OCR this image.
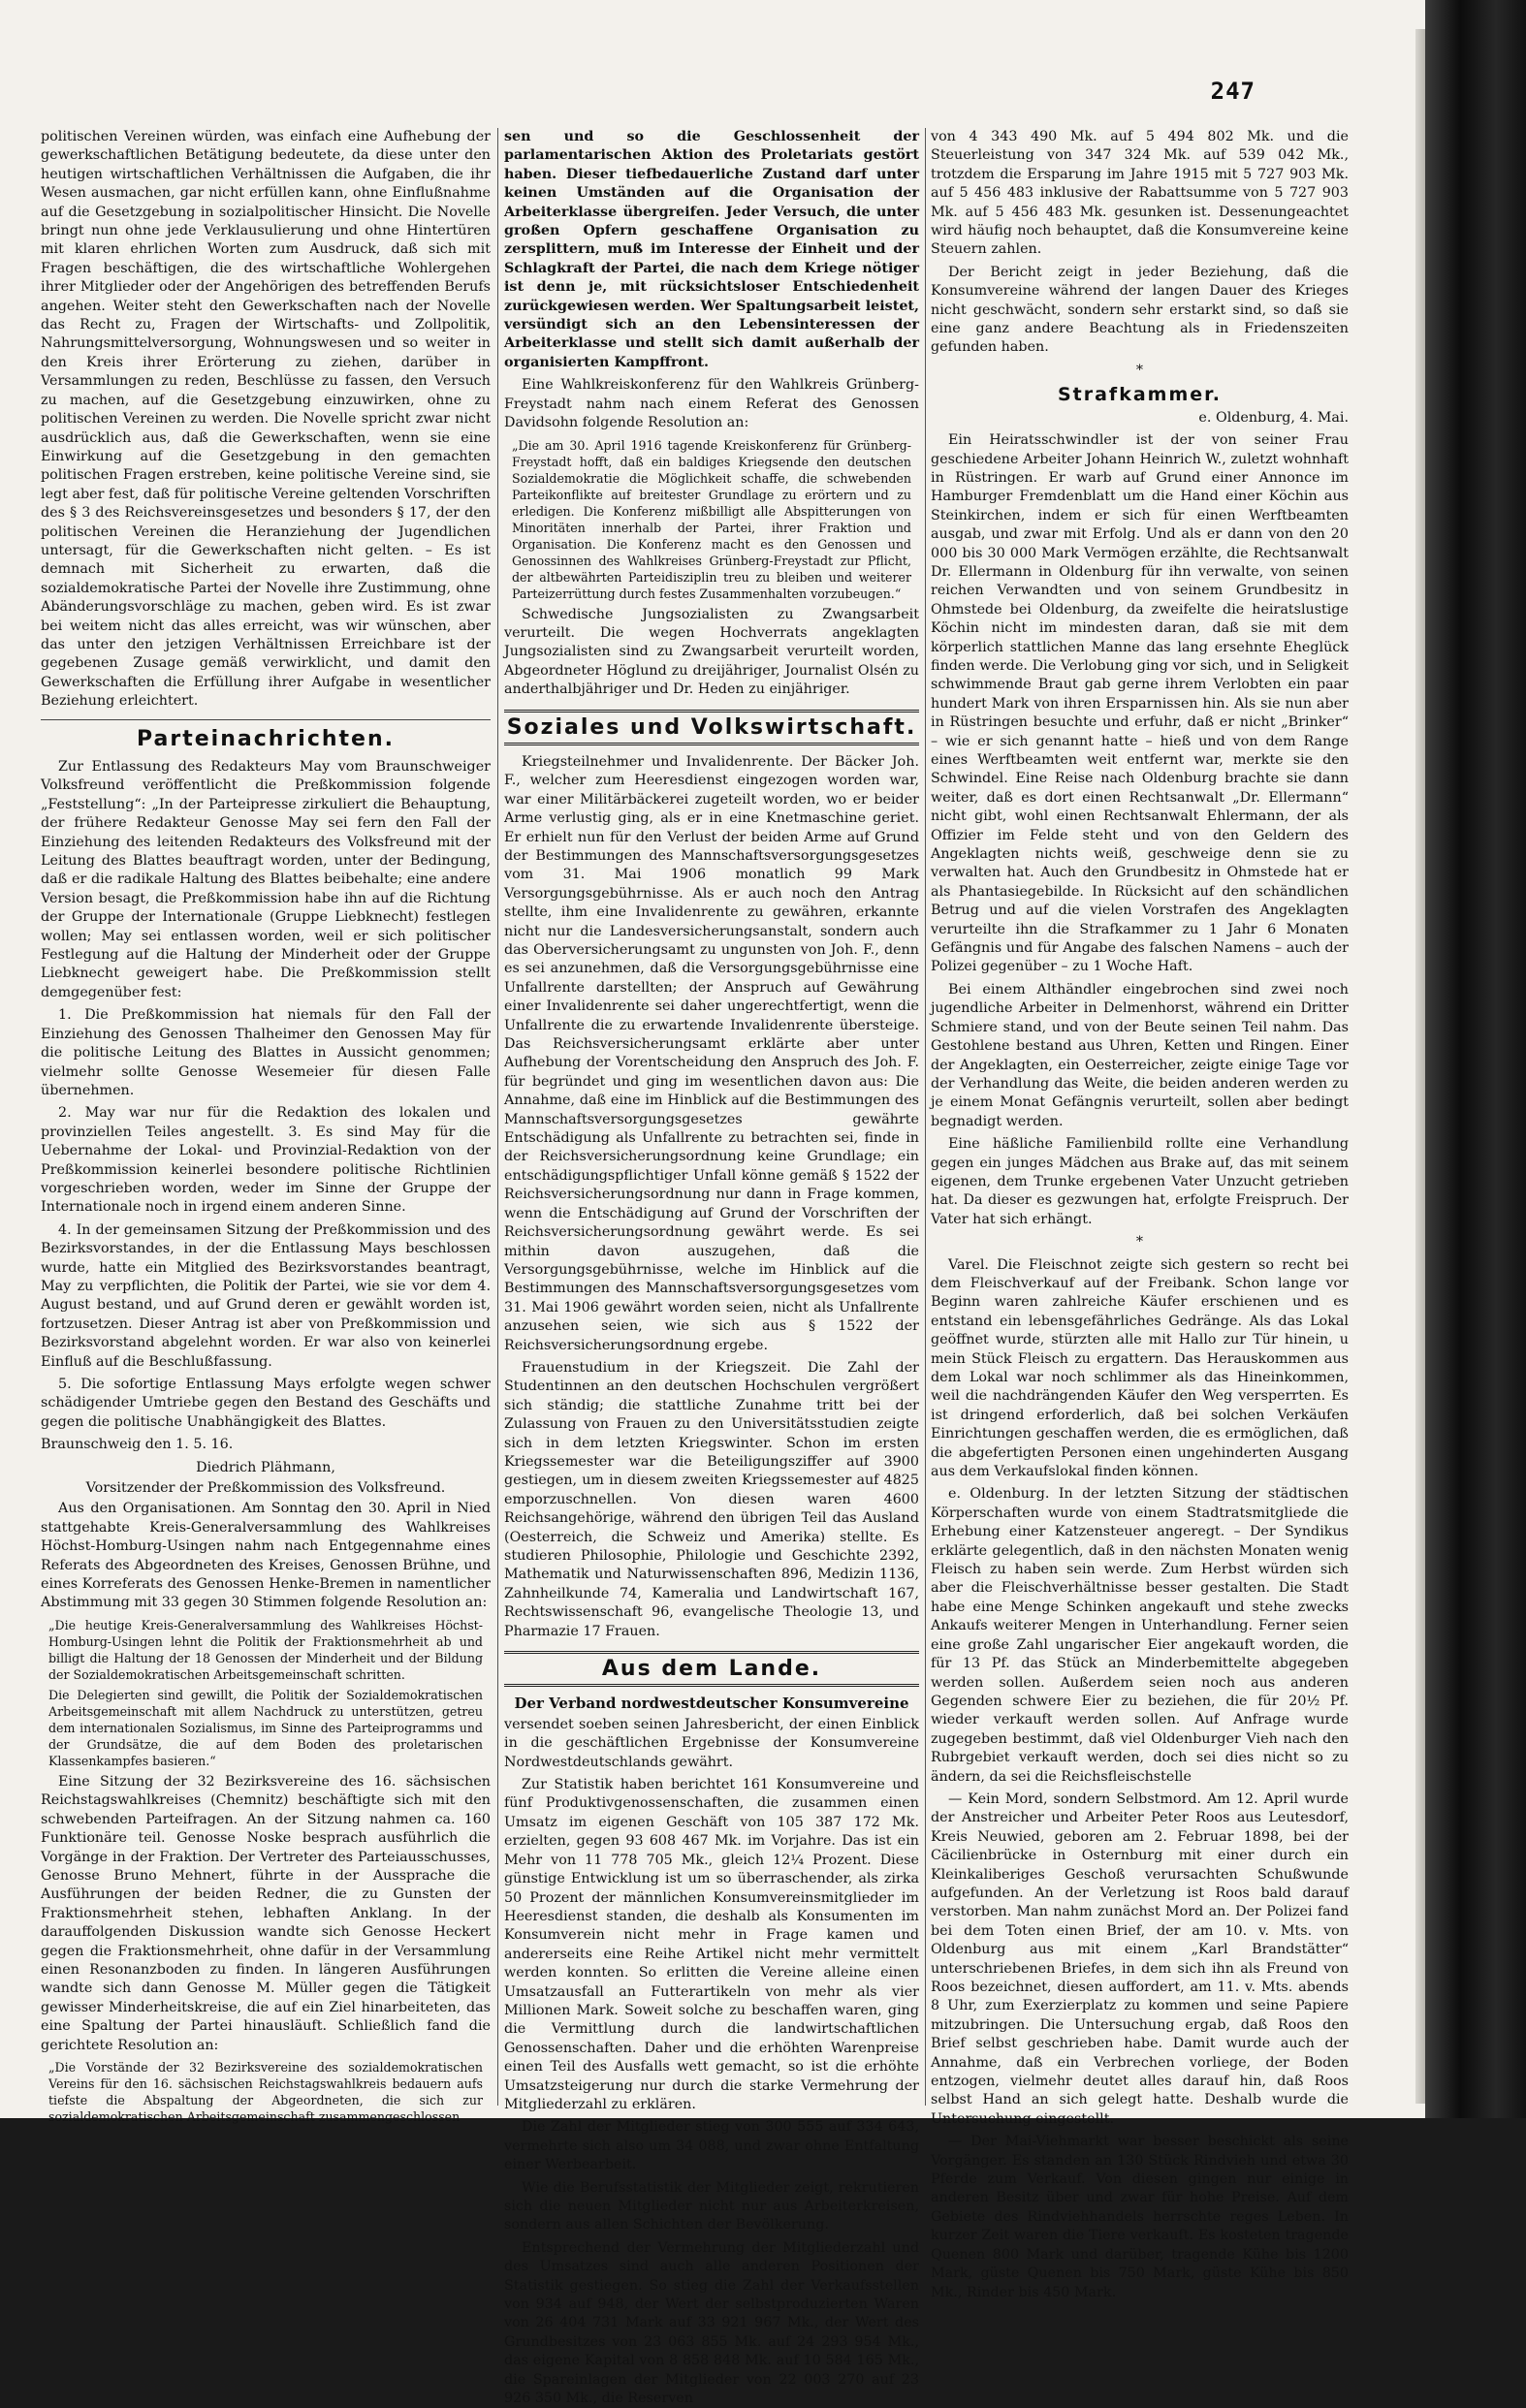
247

politischen Vereinen würden, was einfach eine Aufhebung der gewerkschaftlichen Betätigung bedeutete, da diese unter den heutigen wirtschaftlichen Verhältnissen die Aufgaben, die ihr Wesen ausmachen, gar nicht erfüllen kann, ohne Einflußnahme auf die Gesetzgebung in sozialpolitischer Hinsicht. Die Novelle bringt nun ohne jede Verklausulierung und ohne Hintertüren mit klaren ehrlichen Worten zum Ausdruck, daß sich mit Fragen beschäftigen, die des wirtschaftliche Wohlergehen ihrer Mitglieder oder der Angehörigen des betreffenden Berufs angehen. Weiter steht den Gewerkschaften nach der Novelle das Recht zu, Fragen der Wirtschafts- und Zollpolitik, Nahrungsmittelversorgung, Wohnungswesen und so weiter in den Kreis ihrer Erörterung zu ziehen, darüber in Versammlungen zu reden, Beschlüsse zu fassen, den Versuch zu machen, auf die Gesetzgebung einzuwirken, ohne zu politischen Vereinen zu werden. Die Novelle spricht zwar nicht ausdrücklich aus, daß die Gewerkschaften, wenn sie eine Einwirkung auf die Gesetzgebung in den gemachten politischen Fragen erstreben, keine politische Vereine sind, sie legt aber fest, daß für politische Vereine geltenden Vorschriften des § 3 des Reichsvereinsgesetzes und besonders § 17, der den politischen Vereinen die Heranziehung der Jugendlichen untersagt, für die Gewerkschaften nicht gelten. – Es ist demnach mit Sicherheit zu erwarten, daß die sozialdemokratische Partei der Novelle ihre Zustimmung, ohne Abänderungsvorschläge zu machen, geben wird. Es ist zwar bei weitem nicht das alles erreicht, was wir wünschen, aber das unter den jetzigen Verhältnissen Erreichbare ist der gegebenen Zusage gemäß verwirklicht, und damit den Gewerkschaften die Erfüllung ihrer Aufgabe in wesentlicher Beziehung erleichtert.

Parteinachrichten.

Zur Entlassung des Redakteurs May vom Braunschweiger Volksfreund veröffentlicht die Preßkommission folgende „Feststellung“: „In der Parteipresse zirkuliert die Behauptung, der frühere Redakteur Genosse May sei fern den Fall der Einziehung des leitenden Redakteurs des Volksfreund mit der Leitung des Blattes beauftragt worden, unter der Bedingung, daß er die radikale Haltung des Blattes beibehalte; eine andere Version besagt, die Preßkommission habe ihn auf die Richtung der Gruppe der Internationale (Gruppe Liebknecht) festlegen wollen; May sei entlassen worden, weil er sich politischer Festlegung auf die Haltung der Minderheit oder der Gruppe Liebknecht geweigert habe. Die Preßkommission stellt demgegenüber fest:

1. Die Preßkommission hat niemals für den Fall der Einziehung des Genossen Thalheimer den Genossen May für die politische Leitung des Blattes in Aussicht genommen; vielmehr sollte Genosse Wesemeier für diesen Falle übernehmen.

2. May war nur für die Redaktion des lokalen und provinziellen Teiles angestellt. 3. Es sind May für die Uebernahme der Lokal- und Provinzial-Redaktion von der Preßkommission keinerlei besondere politische Richtlinien vorgeschrieben worden, weder im Sinne der Gruppe der Internationale noch in irgend einem anderen Sinne.

4. In der gemeinsamen Sitzung der Preßkommission und des Bezirksvorstandes, in der die Entlassung Mays beschlossen wurde, hatte ein Mitglied des Bezirksvorstandes beantragt, May zu verpflichten, die Politik der Partei, wie sie vor dem 4. August bestand, und auf Grund deren er gewählt worden ist, fortzusetzen. Dieser Antrag ist aber von Preßkommission und Bezirksvorstand abgelehnt worden. Er war also von keinerlei Einfluß auf die Beschlußfassung.

5. Die sofortige Entlassung Mays erfolgte wegen schwer schädigender Umtriebe gegen den Bestand des Geschäfts und gegen die politische Unabhängigkeit des Blattes.

Braunschweig den 1. 5. 16.

Diedrich Plähmann,

Vorsitzender der Preßkommission des Volksfreund.

Aus den Organisationen. Am Sonntag den 30. April in Nied stattgehabte Kreis-Generalversammlung des Wahlkreises Höchst-Homburg-Usingen nahm nach Entgegennahme eines Referats des Abgeordneten des Kreises, Genossen Brühne, und eines Korreferats des Genossen Henke-Bremen in namentlicher Abstimmung mit 33 gegen 30 Stimmen folgende Resolution an:

„Die heutige Kreis-Generalversammlung des Wahlkreises Höchst-Homburg-Usingen lehnt die Politik der Fraktionsmehrheit ab und billigt die Haltung der 18 Genossen der Minderheit und der Bildung der Sozialdemokratischen Arbeitsgemeinschaft schritten.
Die Delegierten sind gewillt, die Politik der Sozialdemokratischen Arbeitsgemeinschaft mit allem Nachdruck zu unterstützen, getreu dem internationalen Sozialismus, im Sinne des Parteiprogramms und der Grundsätze, die auf dem Boden des proletarischen Klassenkampfes basieren.“

Eine Sitzung der 32 Bezirksvereine des 16. sächsischen Reichstagswahlkreises (Chemnitz) beschäftigte sich mit den schwebenden Parteifragen. An der Sitzung nahmen ca. 160 Funktionäre teil. Genosse Noske besprach ausführlich die Vorgänge in der Fraktion. Der Vertreter des Parteiausschusses, Genosse Bruno Mehnert, führte in der Aussprache die Ausführungen der beiden Redner, die zu Gunsten der Fraktionsmehrheit stehen, lebhaften Anklang. In der darauffolgenden Diskussion wandte sich Genosse Heckert gegen die Fraktionsmehrheit, ohne dafür in der Versammlung einen Resonanzboden zu finden. In längeren Ausführungen wandte sich dann Genosse M. Müller gegen die Tätigkeit gewisser Minderheitskreise, die auf ein Ziel hinarbeiteten, das eine Spaltung der Partei hinausläuft. Schließlich fand die gerichtete Resolution an:

„Die Vorstände der 32 Bezirksvereine des sozialdemokratischen Vereins für den 16. sächsischen Reichstagswahlkreis bedauern aufs tiefste die Abspaltung der Abgeordneten, die sich zur sozialdemokratischen Arbeitsgemeinschaft zusammengeschlossen

sen und so die Geschlossenheit der parlamentarischen Aktion des Proletariats gestört haben. Dieser tiefbedauerliche Zustand darf unter keinen Umständen auf die Organisation der Arbeiterklasse übergreifen. Jeder Versuch, die unter großen Opfern geschaffene Organisation zu zersplittern, muß im Interesse der Einheit und der Schlagkraft der Partei, die nach dem Kriege nötiger ist denn je, mit rücksichtsloser Entschiedenheit zurückgewiesen werden. Wer Spaltungsarbeit leistet, versündigt sich an den Lebensinteressen der Arbeiterklasse und stellt sich damit außerhalb der organisierten Kampffront.

Eine Wahlkreiskonferenz für den Wahlkreis Grünberg-Freystadt nahm nach einem Referat des Genossen Davidsohn folgende Resolution an:

„Die am 30. April 1916 tagende Kreiskonferenz für Grünberg-Freystadt hofft, daß ein baldiges Kriegsende den deutschen Sozialdemokratie die Möglichkeit schaffe, die schwebenden Parteikonflikte auf breitester Grundlage zu erörtern und zu erledigen. Die Konferenz mißbilligt alle Abspitterungen von Minoritäten innerhalb der Partei, ihrer Fraktion und Organisation. Die Konferenz macht es den Genossen und Genossinnen des Wahlkreises Grünberg-Freystadt zur Pflicht, der altbewährten Parteidisziplin treu zu bleiben und weiterer Parteizerrüttung durch festes Zusammenhalten vorzubeugen.“

Schwedische Jungsozialisten zu Zwangsarbeit verurteilt. Die wegen Hochverrats angeklagten Jungsozialisten sind zu Zwangsarbeit verurteilt worden, Abgeordneter Höglund zu dreijähriger, Journalist Olsén zu anderthalbjähriger und Dr. Heden zu einjähriger.

Soziales und Volkswirtschaft.

Kriegsteilnehmer und Invalidenrente. Der Bäcker Joh. F., welcher zum Heeresdienst eingezogen worden war, war einer Militärbäckerei zugeteilt worden, wo er beider Arme verlustig ging, als er in eine Knetmaschine geriet. Er erhielt nun für den Verlust der beiden Arme auf Grund der Bestimmungen des Mannschaftsversorgungsgesetzes vom 31. Mai 1906 monatlich 99 Mark Versorgungsgebührnisse. Als er auch noch den Antrag stellte, ihm eine Invalidenrente zu gewähren, erkannte nicht nur die Landesversicherungsanstalt, sondern auch das Oberversicherungsamt zu ungunsten von Joh. F., denn es sei anzunehmen, daß die Versorgungsgebührnisse eine Unfallrente darstellten; der Anspruch auf Gewährung einer Invalidenrente sei daher ungerechtfertigt, wenn die Unfallrente die zu erwartende Invalidenrente übersteige. Das Reichsversicherungsamt erklärte aber unter Aufhebung der Vorentscheidung den Anspruch des Joh. F. für begründet und ging im wesentlichen davon aus: Die Annahme, daß eine im Hinblick auf die Bestimmungen des Mannschaftsversorgungsgesetzes gewährte Entschädigung als Unfallrente zu betrachten sei, finde in der Reichsversicherungsordnung keine Grundlage; ein entschädigungspflichtiger Unfall könne gemäß § 1522 der Reichsversicherungsordnung nur dann in Frage kommen, wenn die Entschädigung auf Grund der Vorschriften der Reichsversicherungsordnung gewährt werde. Es sei mithin davon auszugehen, daß die Versorgungsgebührnisse, welche im Hinblick auf die Bestimmungen des Mannschaftsversorgungsgesetzes vom 31. Mai 1906 gewährt worden seien, nicht als Unfallrente anzusehen seien, wie sich aus § 1522 der Reichsversicherungsordnung ergebe.

Frauenstudium in der Kriegszeit. Die Zahl der Studentinnen an den deutschen Hochschulen vergrößert sich ständig; die stattliche Zunahme tritt bei der Zulassung von Frauen zu den Universitätsstudien zeigte sich in dem letzten Kriegswinter. Schon im ersten Kriegssemester war die Beteiligungsziffer auf 3900 gestiegen, um in diesem zweiten Kriegssemester auf 4825 emporzuschnellen. Von diesen waren 4600 Reichsangehörige, während den übrigen Teil das Ausland (Oesterreich, die Schweiz und Amerika) stellte. Es studieren Philosophie, Philologie und Geschichte 2392, Mathematik und Naturwissenschaften 896, Medizin 1136, Zahnheilkunde 74, Kameralia und Landwirtschaft 167, Rechtswissenschaft 96, evangelische Theologie 13, und Pharmazie 17 Frauen.

Aus dem Lande.

Der Verband nordwestdeutscher Konsumvereine

versendet soeben seinen Jahresbericht, der einen Einblick in die geschäftlichen Ergebnisse der Konsumvereine Nordwestdeutschlands gewährt.

Zur Statistik haben berichtet 161 Konsumvereine und fünf Produktivgenossenschaften, die zusammen einen Umsatz im eigenen Geschäft von 105 387 172 Mk. erzielten, gegen 93 608 467 Mk. im Vorjahre. Das ist ein Mehr von 11 778 705 Mk., gleich 12¼ Prozent. Diese günstige Entwicklung ist um so überraschender, als zirka 50 Prozent der männlichen Konsumvereinsmitglieder im Heeresdienst standen, die deshalb als Konsumenten im Konsumverein nicht mehr in Frage kamen und andererseits eine Reihe Artikel nicht mehr vermittelt werden konnten. So erlitten die Vereine alleine einen Umsatzausfall an Futterartikeln von mehr als vier Millionen Mark. Soweit solche zu beschaffen waren, ging die Vermittlung durch die landwirtschaftlichen Genossenschaften. Daher und die erhöhten Warenpreise einen Teil des Ausfalls wett gemacht, so ist die erhöhte Umsatzsteigerung nur durch die starke Vermehrung der Mitgliederzahl zu erklären.

Die Zahl der Mitglieder stieg von 300 555 auf 334 643, vermehrte sich also um 34 088, und zwar ohne Entfaltung einer Werbearbeit.

Wie die Berufsstatistik der Mitglieder zeigt, rekrutieren sich die neuen Mitglieder nicht nur aus Arbeiterkreisen, sondern aus allen Schichten der Bevölkerung.

Entsprechend der Vermehrung der Mitgliederzahl und des Umsatzes sind auch alle anderen Positionen der Statistik gestiegen. So stieg die Zahl der Verkaufsstellen von 934 auf 948, der Wert der selbstproduzierten Waren von 26 404 731 Mark auf 33 921 967 Mk., der Wert des Grundbesitzes von 23 063 855 Mk. auf 24 293 954 Mk., das eigene Kapital von 8 858 848 Mk. auf 10 584 165 Mk., die Spareinlagen der Mitglieder von 22 003 270 auf 23 926 350 Mk., die Reserven

von 4 343 490 Mk. auf 5 494 802 Mk. und die Steuerleistung von 347 324 Mk. auf 539 042 Mk., trotzdem die Ersparung im Jahre 1915 mit 5 727 903 Mk. auf 5 456 483 inklusive der Rabattsumme von 5 727 903 Mk. auf 5 456 483 Mk. gesunken ist. Dessenungeachtet wird häufig noch behauptet, daß die Konsumvereine keine Steuern zahlen.

Der Bericht zeigt in jeder Beziehung, daß die Konsumvereine während der langen Dauer des Krieges nicht geschwächt, sondern sehr erstarkt sind, so daß sie eine ganz andere Beachtung als in Friedenszeiten gefunden haben.

*
Strafkammer.

e. Oldenburg, 4. Mai.

Ein Heiratsschwindler ist der von seiner Frau geschiedene Arbeiter Johann Heinrich W., zuletzt wohnhaft in Rüstringen. Er warb auf Grund einer Annonce im Hamburger Fremdenblatt um die Hand einer Köchin aus Steinkirchen, indem er sich für einen Werftbeamten ausgab, und zwar mit Erfolg. Und als er dann von den 20 000 bis 30 000 Mark Vermögen erzählte, die Rechtsanwalt Dr. Ellermann in Oldenburg für ihn verwalte, von seinen reichen Verwandten und von seinem Grundbesitz in Ohmstede bei Oldenburg, da zweifelte die heiratslustige Köchin nicht im mindesten daran, daß sie mit dem körperlich stattlichen Manne das lang ersehnte Eheglück finden werde. Die Verlobung ging vor sich, und in Seligkeit schwimmende Braut gab gerne ihrem Verlobten ein paar hundert Mark von ihren Ersparnissen hin. Als sie nun aber in Rüstringen besuchte und erfuhr, daß er nicht „Brinker“ – wie er sich genannt hatte – hieß und von dem Range eines Werftbeamten weit entfernt war, merkte sie den Schwindel. Eine Reise nach Oldenburg brachte sie dann weiter, daß es dort einen Rechtsanwalt „Dr. Ellermann“ nicht gibt, wohl einen Rechtsanwalt Ehlermann, der als Offizier im Felde steht und von den Geldern des Angeklagten nichts weiß, geschweige denn sie zu verwalten hat. Auch den Grundbesitz in Ohmstede hat er als Phantasiegebilde. In Rücksicht auf den schändlichen Betrug und auf die vielen Vorstrafen des Angeklagten verurteilte ihn die Strafkammer zu 1 Jahr 6 Monaten Gefängnis und für Angabe des falschen Namens – auch der Polizei gegenüber – zu 1 Woche Haft.

Bei einem Althändler eingebrochen sind zwei noch jugendliche Arbeiter in Delmenhorst, während ein Dritter Schmiere stand, und von der Beute seinen Teil nahm. Das Gestohlene bestand aus Uhren, Ketten und Ringen. Einer der Angeklagten, ein Oesterreicher, zeigte einige Tage vor der Verhandlung das Weite, die beiden anderen werden zu je einem Monat Gefängnis verurteilt, sollen aber bedingt begnadigt werden.

Eine häßliche Familienbild rollte eine Verhandlung gegen ein junges Mädchen aus Brake auf, das mit seinem eigenen, dem Trunke ergebenen Vater Unzucht getrieben hat. Da dieser es gezwungen hat, erfolgte Freispruch. Der Vater hat sich erhängt.

*

Varel. Die Fleischnot zeigte sich gestern so recht bei dem Fleischverkauf auf der Freibank. Schon lange vor Beginn waren zahlreiche Käufer erschienen und es entstand ein lebensgefährliches Gedränge. Als das Lokal geöffnet wurde, stürzten alle mit Hallo zur Tür hinein, u mein Stück Fleisch zu ergattern. Das Herauskommen aus dem Lokal war noch schlimmer als das Hineinkommen, weil die nachdrängenden Käufer den Weg versperrten. Es ist dringend erforderlich, daß bei solchen Verkäufen Einrichtungen geschaffen werden, die es ermöglichen, daß die abgefertigten Personen einen ungehinderten Ausgang aus dem Verkaufslokal finden können.

e. Oldenburg. In der letzten Sitzung der städtischen Körperschaften wurde von einem Stadtratsmitgliede die Erhebung einer Katzensteuer angeregt. – Der Syndikus erklärte gelegentlich, daß in den nächsten Monaten wenig Fleisch zu haben sein werde. Zum Herbst würden sich aber die Fleischverhältnisse besser gestalten. Die Stadt habe eine Menge Schinken angekauft und stehe zwecks Ankaufs weiterer Mengen in Unterhandlung. Ferner seien eine große Zahl ungarischer Eier angekauft worden, die für 13 Pf. das Stück an Minderbemittelte abgegeben werden sollen. Außerdem seien noch aus anderen Gegenden schwere Eier zu beziehen, die für 20½ Pf. wieder verkauft werden sollen. Auf Anfrage wurde zugegeben bestimmt, daß viel Oldenburger Vieh nach den Rubrgebiet verkauft werden, doch sei dies nicht so zu ändern, da sei die Reichsfleischstelle

— Kein Mord, sondern Selbstmord. Am 12. April wurde der Anstreicher und Arbeiter Peter Roos aus Leutesdorf, Kreis Neuwied, geboren am 2. Februar 1898, bei der Cäcilienbrücke in Osternburg mit einer durch ein Kleinkaliberiges Geschoß verursachten Schußwunde aufgefunden. An der Verletzung ist Roos bald darauf verstorben. Man nahm zunächst Mord an. Der Polizei fand bei dem Toten einen Brief, der am 10. v. Mts. von Oldenburg aus mit einem „Karl Brandstätter“ unterschriebenen Briefes, in dem sich ihn als Freund von Roos bezeichnet, diesen auffordert, am 11. v. Mts. abends 8 Uhr, zum Exerzierplatz zu kommen und seine Papiere mitzubringen. Die Untersuchung ergab, daß Roos den Brief selbst geschrieben habe. Damit wurde auch der Annahme, daß ein Verbrechen vorliege, der Boden entzogen, vielmehr deutet alles darauf hin, daß Roos selbst Hand an sich gelegt hatte. Deshalb wurde die Untersuchung eingestellt.

— Der Mai-Viehmarkt war besser beschickt als seine Vorgänger. Es standen an 130 Stück Rindvieh und etwa 30 Pferde zum Verkauf. Von diesen gingen nur einige in anderen Besitz über und zwar für hohe Preise. Auf dem Gebiete des Rindviehhandels herrschte reges Leben. In kurzer Zeit waren die Tiere verkauft. Es kosteten tragende Quenen 800 Mark und darüber, tragende Kühe bis 1200 Mark, güste Quenen bis 750 Mark, güste Kühe bis 850 Mk., Rinder bis 450 Mark.
